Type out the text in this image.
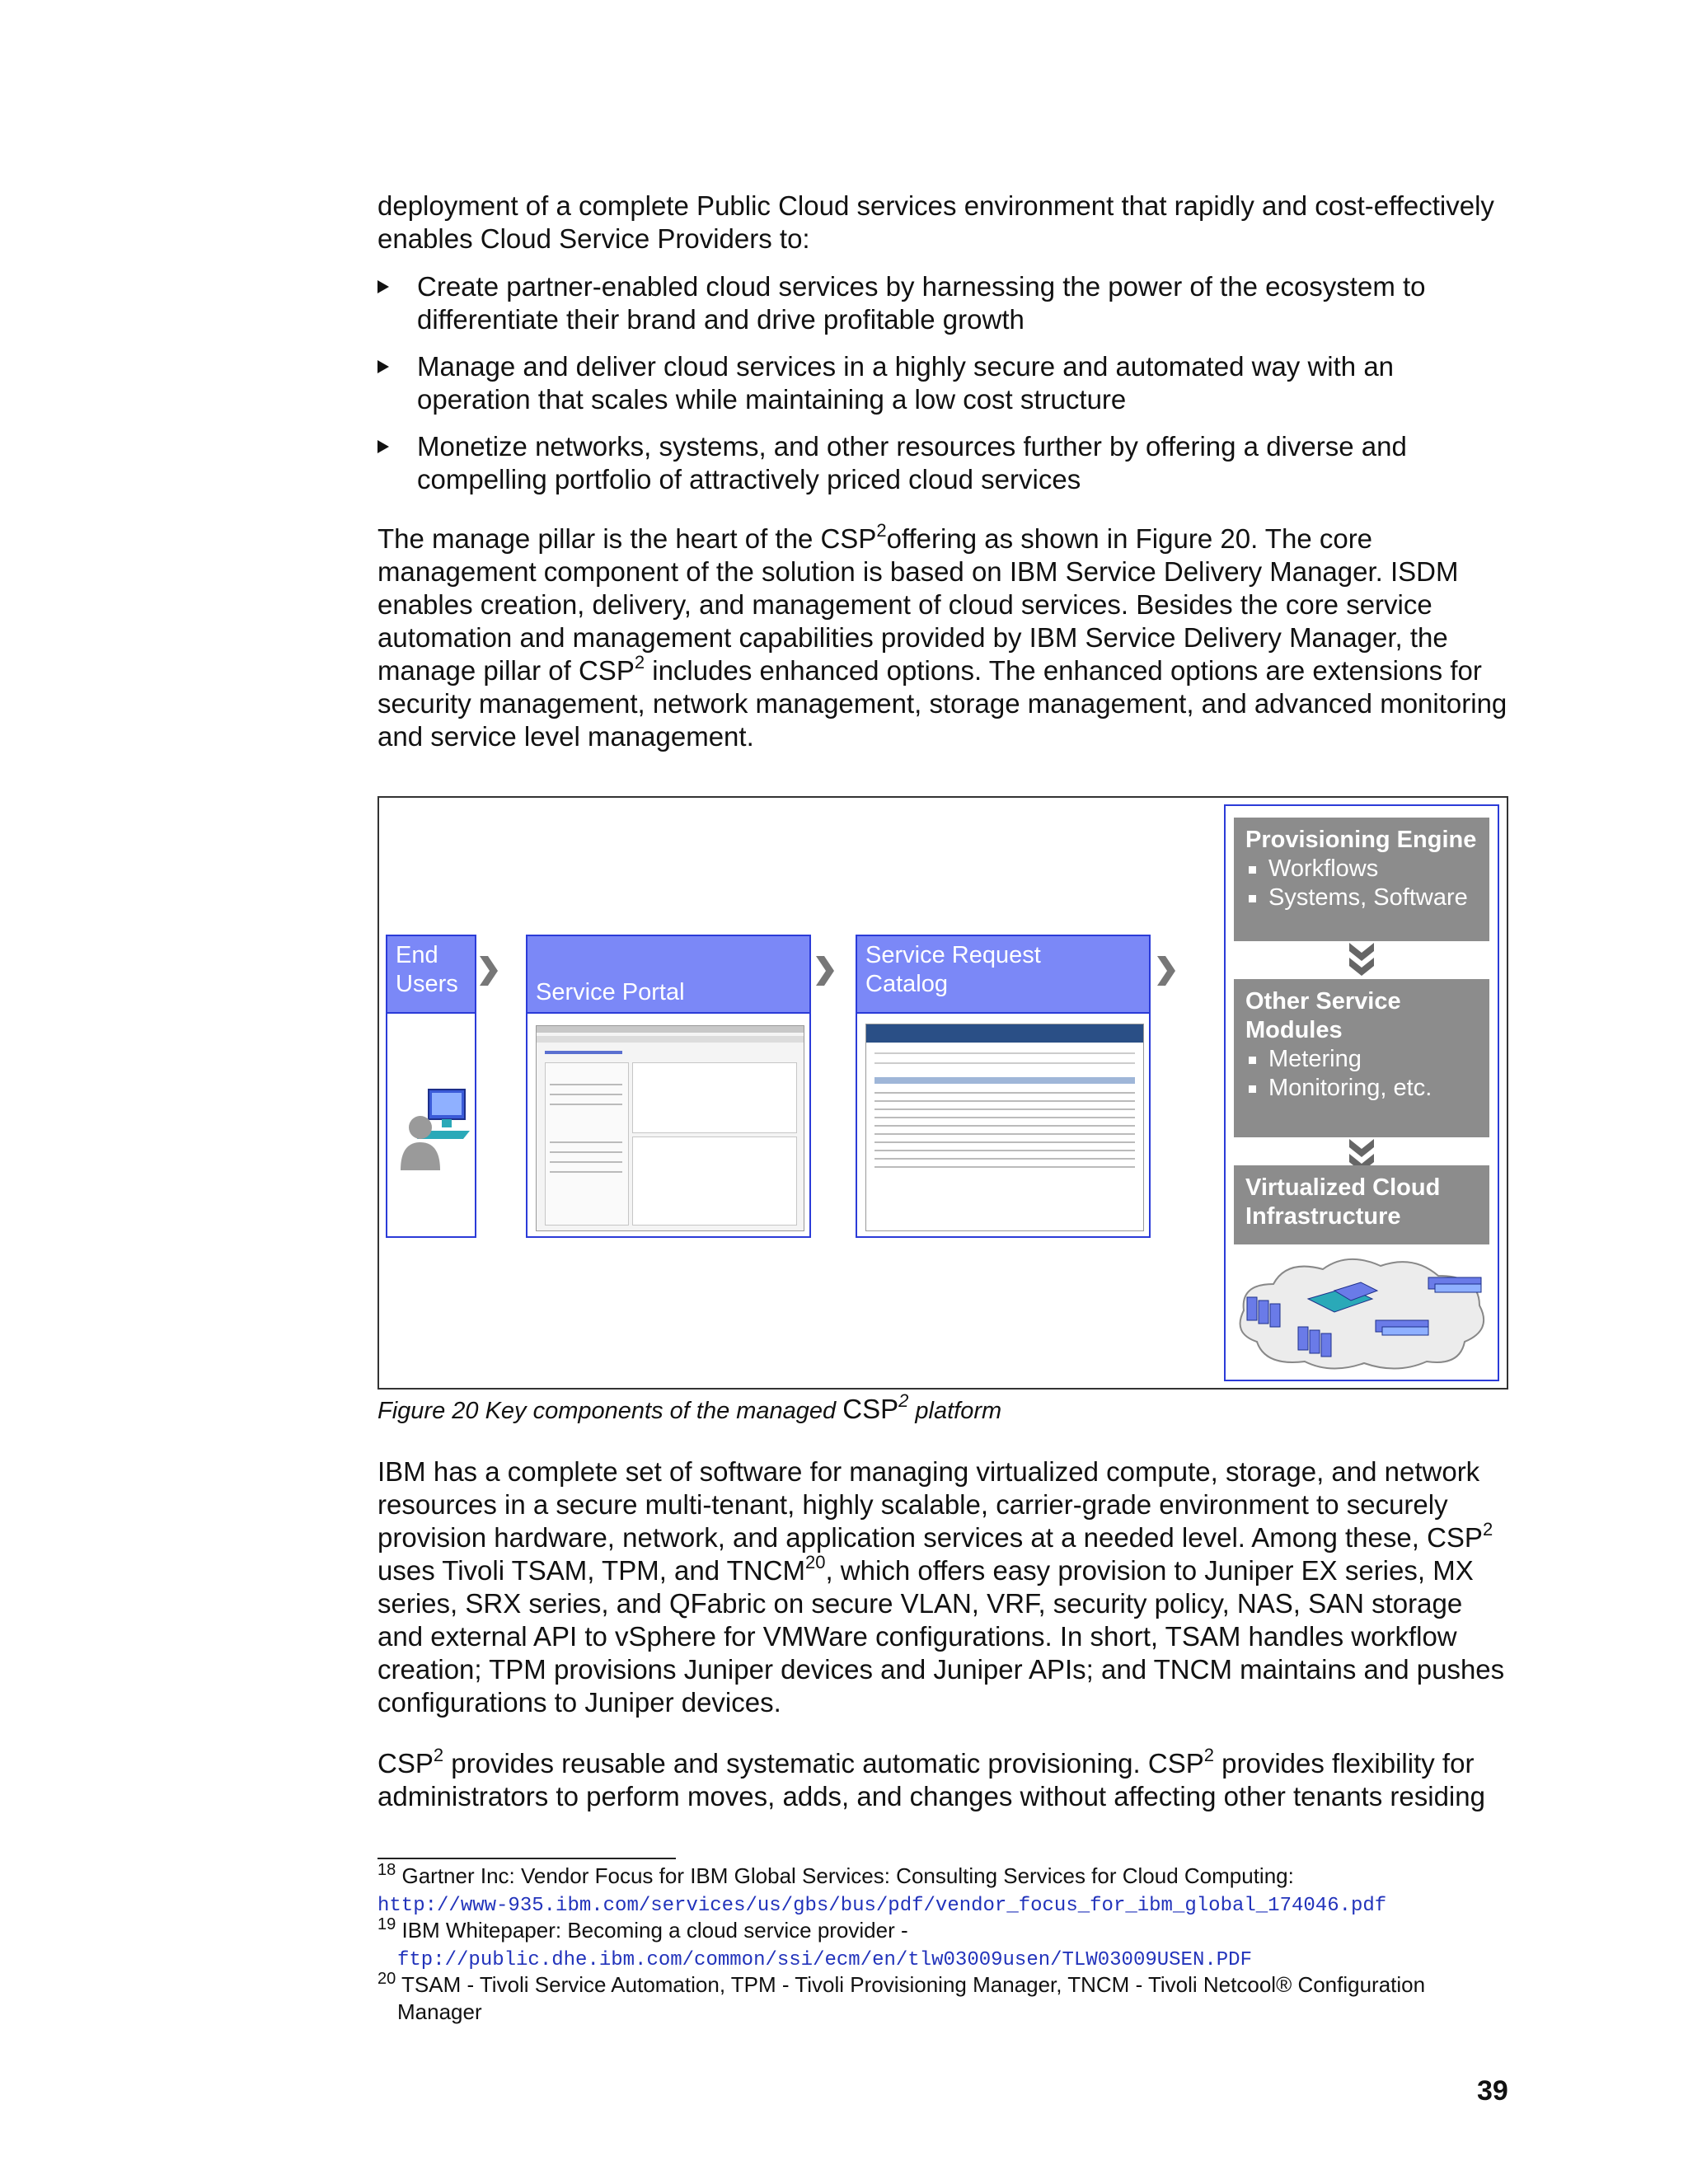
deployment of a complete Public Cloud services environment that rapidly and cost-effectively enables Cloud Service Providers to:

Create partner-enabled cloud services by harnessing the power of the ecosystem to differentiate their brand and drive profitable growth
Manage and deliver cloud services in a highly secure and automated way with an operation that scales while maintaining a low cost structure
Monetize networks, systems, and other resources further by offering a diverse and compelling portfolio of attractively priced cloud services

The manage pillar is the heart of the CSP$^2$offering as shown in Figure 20. The core management component of the solution is based on IBM Service Delivery Manager. ISDM enables creation, delivery, and management of cloud services. Besides the core service automation and management capabilities provided by IBM Service Delivery Manager, the manage pillar of CSP$^2$ includes enhanced options. The enhanced options are extensions for security management, network management, storage management, and advanced monitoring and service level management.

End
Users	Service Portal
Service Request
Catalog
Provisioning Engine
Workflows
Systems, Software
Other Service
Modules
Metering
Monitoring, etc.
Virtualized Cloud
Infrastructure
Figure 20 Key components of the managed CSP$^2$ platform

IBM has a complete set of software for managing virtualized compute, storage, and network resources in a secure multi-tenant, highly scalable, carrier-grade environment to securely provision hardware, network, and application services at a needed level. Among these, CSP$^2$ uses Tivoli TSAM, TPM, and TNCM$^{20}$, which offers easy provision to Juniper EX series, MX series, SRX series, and QFabric on secure VLAN, VRF, security policy, NAS, SAN storage and external API to vSphere for VMWare configurations. In short, TSAM handles workflow creation; TPM provisions Juniper devices and Juniper APIs; and TNCM maintains and pushes configurations to Juniper devices.

CSP$^2$ provides reusable and systematic automatic provisioning. CSP$^2$ provides flexibility for administrators to perform moves, adds, and changes without affecting other tenants residing

$^{18}$ Gartner Inc: Vendor Focus for IBM Global Services: Consulting Services for Cloud Computing:
http://www-935.ibm.com/services/us/gbs/bus/pdf/vendor_focus_for_ibm_global_174046.pdf
$^{19}$ IBM Whitepaper: Becoming a cloud service provider -
ftp://public.dhe.ibm.com/common/ssi/ecm/en/tlw03009usen/TLW03009USEN.PDF
$^{20}$ TSAM - Tivoli Service Automation, TPM - Tivoli Provisioning Manager, TNCM - Tivoli Netcool® Configuration
Manager
39
